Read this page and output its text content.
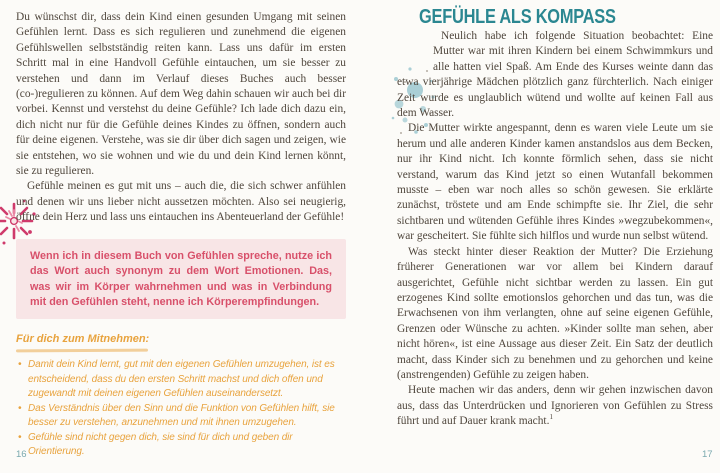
Du wünschst dir, dass dein Kind einen gesunden Umgang mit seinen Gefühlen lernt. Dass es sich regulieren und zunehmend die eigenen Gefühlswellen selbstständig reiten kann. Lass uns dafür im ersten Schritt mal in eine Handvoll Gefühle eintauchen, um sie besser zu verstehen und dann im Verlauf dieses Buches auch besser (co-)regulieren zu können. Auf dem Weg dahin schauen wir auch bei dir vorbei. Kennst und verstehst du deine Gefühle? Ich lade dich dazu ein, dich nicht nur für die Gefühle deines Kindes zu öffnen, sondern auch für deine eigenen. Verstehe, was sie dir über dich sagen und zeigen, wie sie entstehen, wo sie wohnen und wie du und dein Kind lernen könnt, sie zu regulieren.

Gefühle meinen es gut mit uns – auch die, die sich schwer anfühlen und denen wir uns lieber nicht aussetzen möchten. Also sei neugierig, öffne dein Herz und lass uns eintauchen ins Abenteuerland der Gefühle!

Wenn ich in diesem Buch von Gefühlen spreche, nutze ich das Wort auch synonym zu dem Wort Emotionen. Das, was wir im Körper wahrnehmen und was in Verbindung mit den Gefühlen steht, nenne ich Körperempfindungen.

Für dich zum Mitnehmen:
• Damit dein Kind lernt, gut mit den eigenen Gefühlen umzugehen, ist es entscheidend, dass du den ersten Schritt machst und dich offen und zugewandt mit deinen eigenen Gefühlen auseinandersetzt.
• Das Verständnis über den Sinn und die Funktion von Gefühlen hilft, sie besser zu verstehen, anzunehmen und mit ihnen umzugehen.
• Gefühle sind nicht gegen dich, sie sind für dich und geben dir Orientierung.
GEFÜHLE ALS KOMPASS

Neulich habe ich folgende Situation beobachtet: Eine Mutter war mit ihren Kindern bei einem Schwimmkurs und alle hatten viel Spaß. Am Ende des Kurses weinte dann das etwa vierjährige Mädchen plötzlich ganz fürchterlich. Nach einiger Zeit wurde es unglaublich wütend und wollte auf keinen Fall aus dem Wasser.

Die Mutter wirkte angespannt, denn es waren viele Leute um sie herum und alle anderen Kinder kamen anstandslos aus dem Becken, nur ihr Kind nicht. Ich konnte förmlich sehen, dass sie nicht verstand, warum das Kind jetzt so einen Wutanfall bekommen musste – eben war noch alles so schön gewesen. Sie erklärte zunächst, tröstete und am Ende schimpfte sie. Ihr Ziel, die sehr sichtbaren und wütenden Gefühle ihres Kindes »wegzubekommen«, war gescheitert. Sie fühlte sich hilflos und wurde nun selbst wütend.

Was steckt hinter dieser Reaktion der Mutter? Die Erziehung früherer Generationen war vor allem bei Kindern darauf ausgerichtet, Gefühle nicht sichtbar werden zu lassen. Ein gut erzogenes Kind sollte emotionslos gehorchen und das tun, was die Erwachsenen von ihm verlangten, ohne auf seine eigenen Gefühle, Grenzen oder Wünsche zu achten. »Kinder sollte man sehen, aber nicht hören«, ist eine Aussage aus dieser Zeit. Ein Satz der deutlich macht, dass Kinder sich zu benehmen und zu gehorchen und keine (anstrengenden) Gefühle zu zeigen haben.

Heute machen wir das anders, denn wir gehen inzwischen davon aus, dass das Unterdrücken und Ignorieren von Gefühlen zu Stress führt und auf Dauer krank macht.$^1$

16	17
